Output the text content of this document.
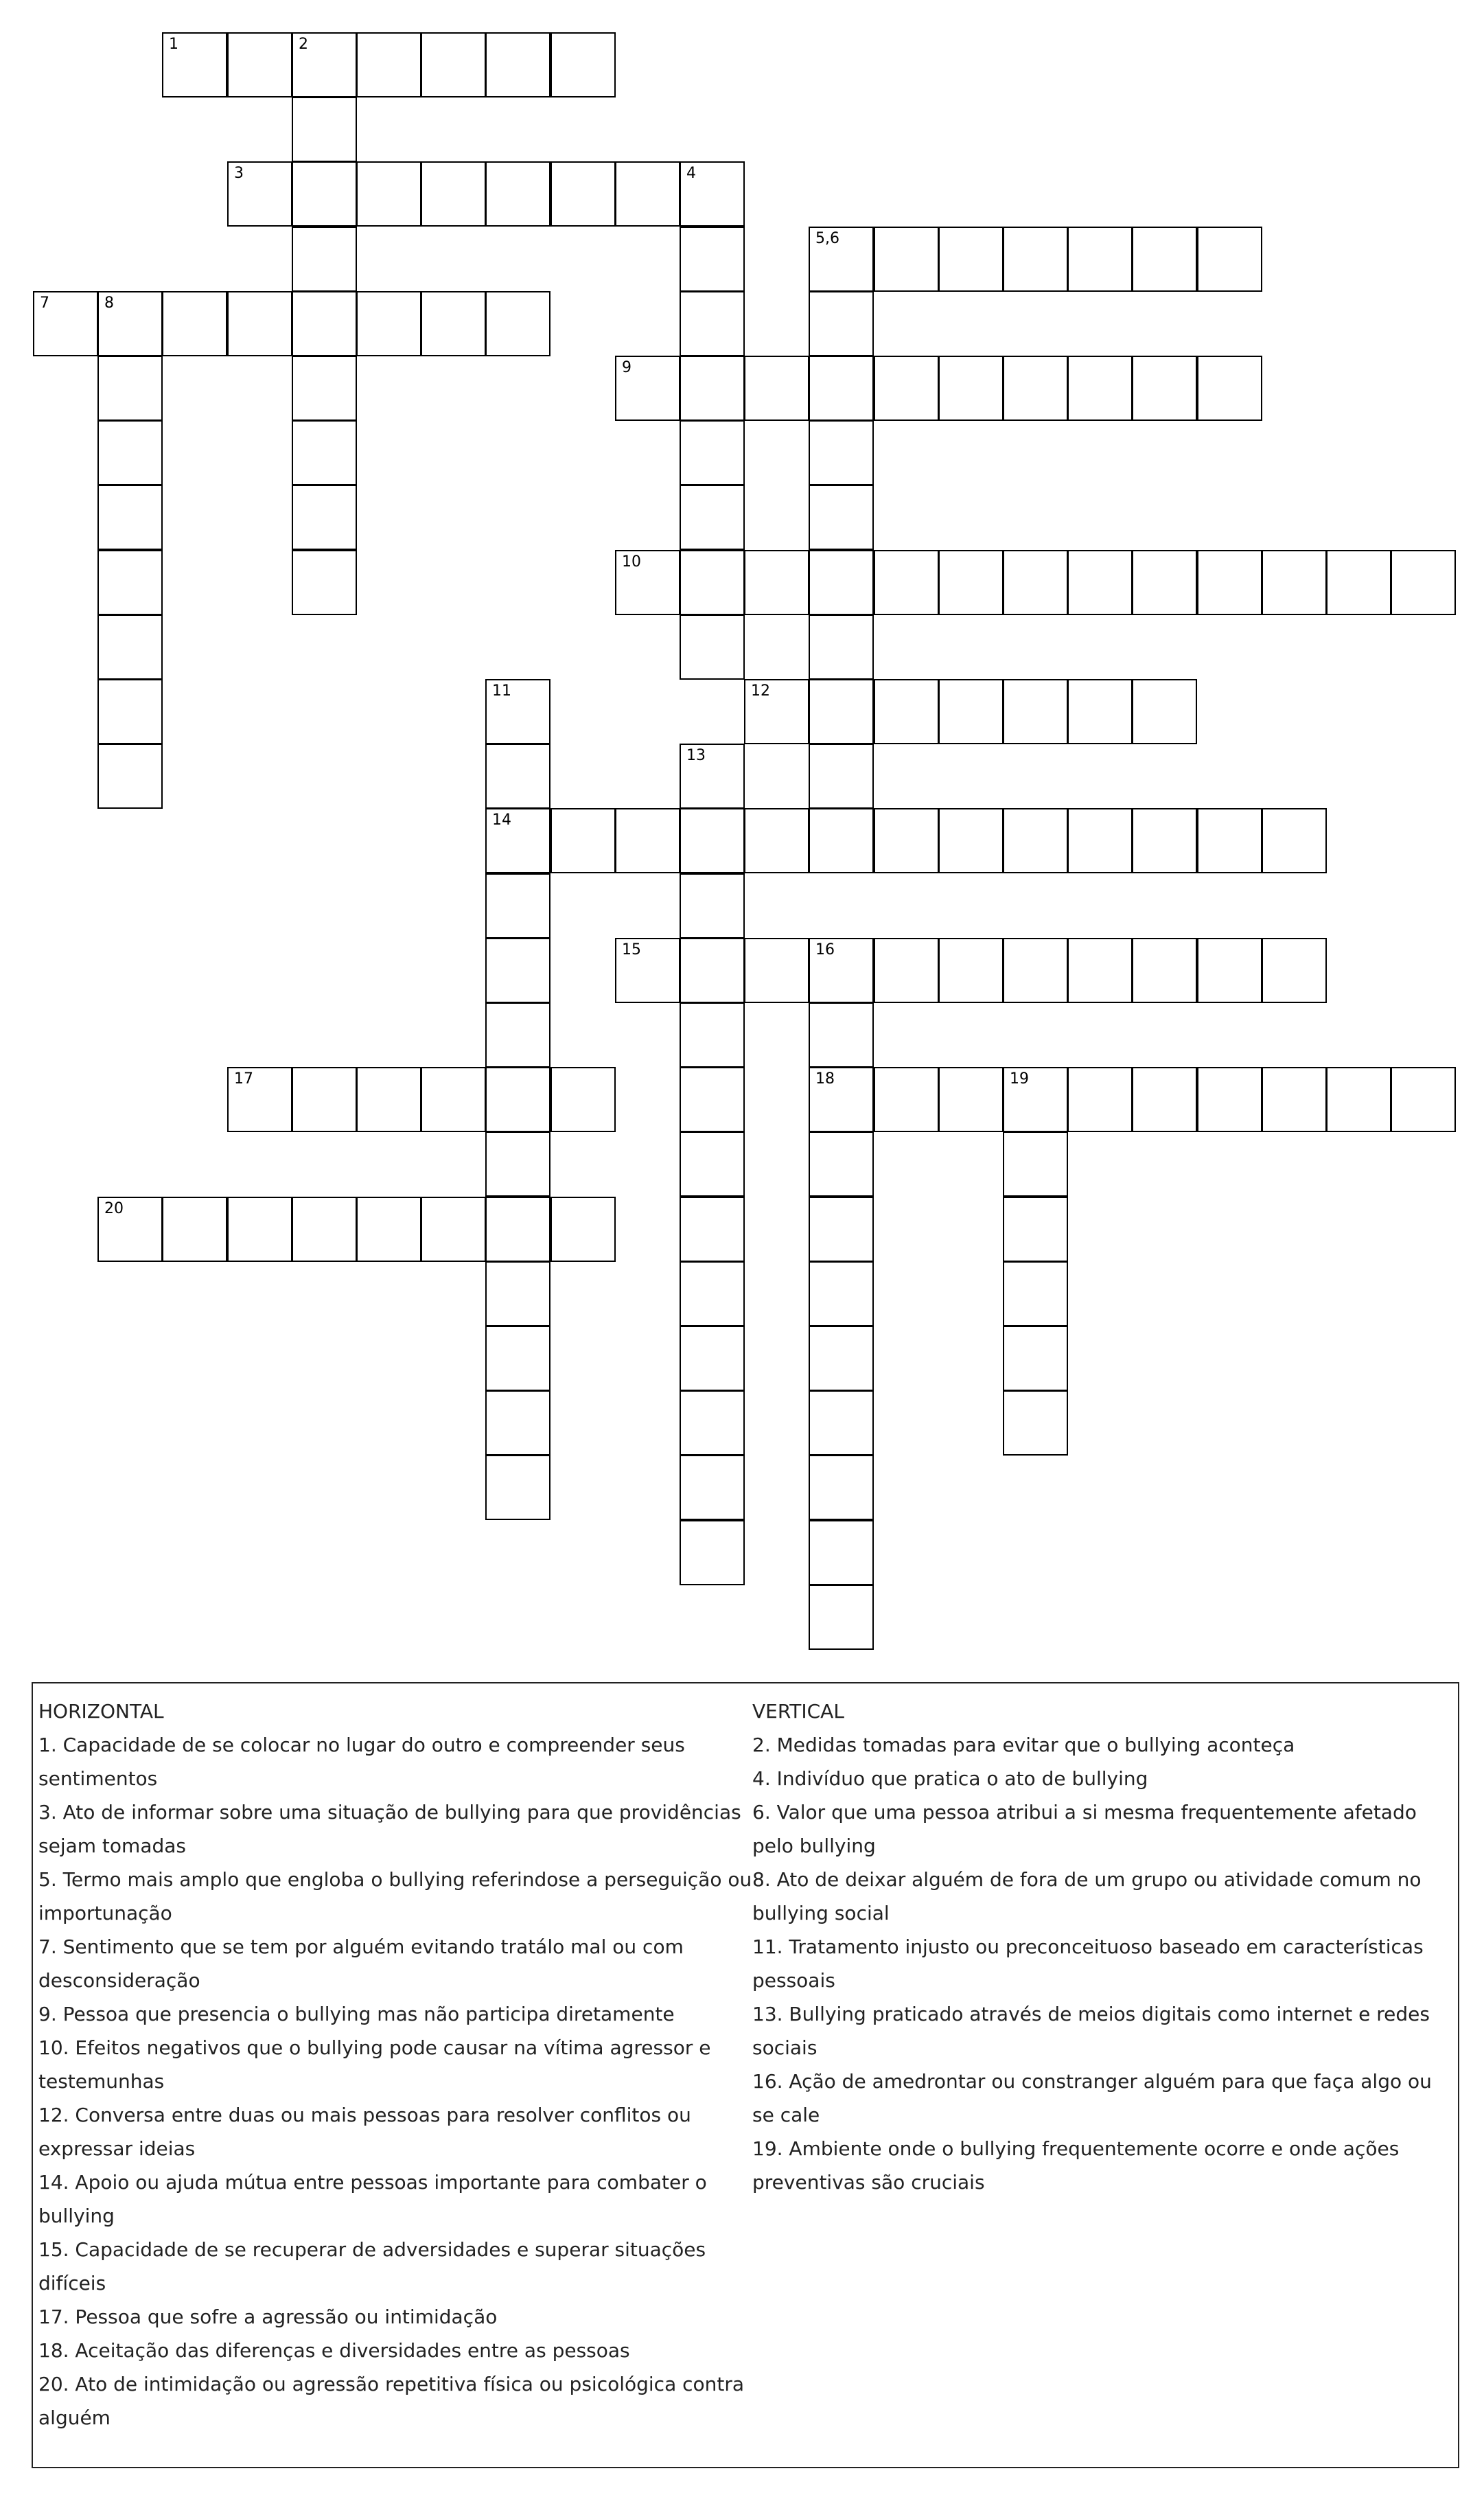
1	2
3	4
5,6
7	8
9
10
11
14
12
13
15	16
18
17	19
20

HORIZONTAL

1. Capacidade de se colocar no lugar do outro e compreender seus sentimentos

3. Ato de informar sobre uma situação de bullying para que providências sejam tomadas

5. Termo mais amplo que engloba o bullying referindose a perseguição ou importunação

7. Sentimento que se tem por alguém evitando tratálo mal ou com desconsideração

9. Pessoa que presencia o bullying mas não participa diretamente

10. Efeitos negativos que o bullying pode causar na vítima agressor e testemunhas

12. Conversa entre duas ou mais pessoas para resolver conflitos ou expressar ideias

14. Apoio ou ajuda mútua entre pessoas importante para combater o bullying

15. Capacidade de se recuperar de adversidades e superar situações difíceis

17. Pessoa que sofre a agressão ou intimidação

18. Aceitação das diferenças e diversidades entre as pessoas

20. Ato de intimidação ou agressão repetitiva física ou psicológica contra alguém

VERTICAL

2. Medidas tomadas para evitar que o bullying aconteça

4. Indivíduo que pratica o ato de bullying

6. Valor que uma pessoa atribui a si mesma frequentemente afetado pelo bullying

8. Ato de deixar alguém de fora de um grupo ou atividade comum no bullying social

11. Tratamento injusto ou preconceituoso baseado em características pessoais

13. Bullying praticado através de meios digitais como internet e redes sociais

16. Ação de amedrontar ou constranger alguém para que faça algo ou se cale

19. Ambiente onde o bullying frequentemente ocorre e onde ações preventivas são cruciais
